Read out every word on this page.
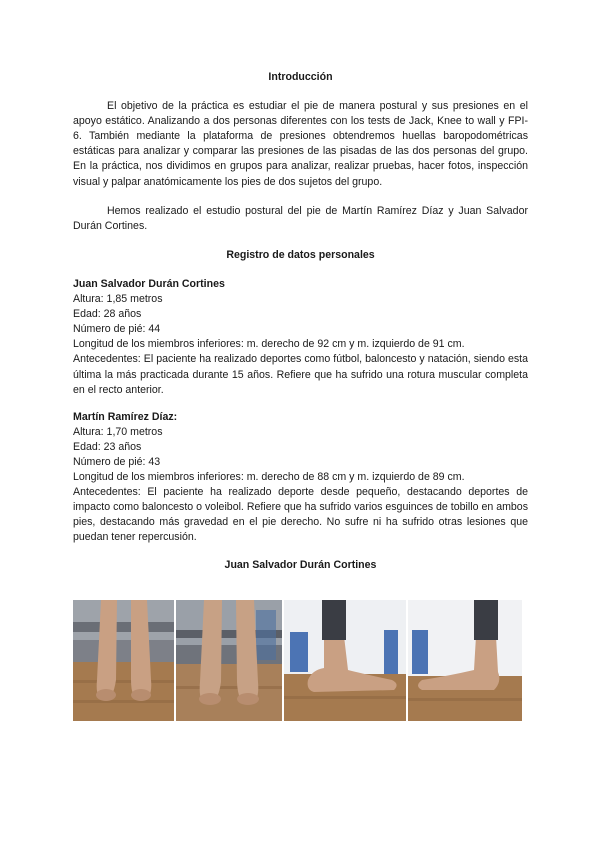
Introducción

El objetivo de la práctica es estudiar el pie de manera postural y sus presiones en el apoyo estático. Analizando a dos personas diferentes con los tests de Jack, Knee to wall y FPI-6. También mediante la plataforma de presiones obtendremos huellas baropodométricas estáticas para analizar y comparar las presiones de las pisadas de las dos personas del grupo. En la práctica, nos dividimos en grupos para analizar, realizar pruebas, hacer fotos, inspección visual y palpar anatómicamente los pies de dos sujetos del grupo.

Hemos realizado el estudio postural del pie de Martín Ramírez Díaz y Juan Salvador Durán Cortines.

Registro de datos personales

Juan Salvador Durán Cortines

Altura: 1,85 metros

Edad: 28 años

Número de pié: 44

Longitud de los miembros inferiores: m. derecho de 92 cm y m. izquierdo de 91 cm.

Antecedentes: El paciente ha realizado deportes como fútbol, baloncesto y natación, siendo esta última la más practicada durante 15 años. Refiere que ha sufrido una rotura muscular completa en el recto anterior.

Martín Ramírez Díaz:

Altura: 1,70 metros

Edad: 23 años

Número de pié: 43

Longitud de los miembros inferiores: m. derecho de 88 cm y m. izquierdo de 89 cm.

Antecedentes: El paciente ha realizado deporte desde pequeño, destacando deportes de impacto como baloncesto o voleibol. Refiere que ha sufrido varios esguinces de tobillo en ambos pies, destacando más gravedad en el pie derecho. No sufre ni ha sufrido otras lesiones que puedan tener repercusión.

Juan Salvador Durán Cortines
